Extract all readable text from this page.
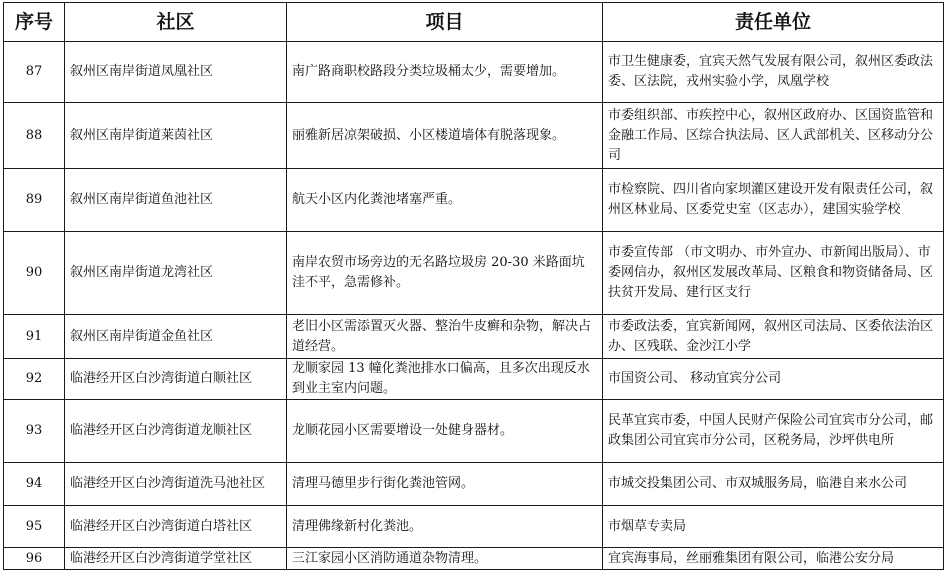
序号	社区	项目	责任单位
87	叙州区南岸街道凤凰社区	南广路商职校路段分类垃圾桶太少，需要增加。	市卫生健康委，宜宾天然气发展有限公司，叙州区委政法委、区法院，戎州实验小学，凤凰学校
88	叙州区南岸街道莱茵社区	丽雅新居凉架破损、小区楼道墙体有脱落现象。	市委组织部、市疾控中心，叙州区政府办、区国资监管和金融工作局、区综合执法局、区人武部机关、区移动分公司
89	叙州区南岸街道鱼池社区	航天小区内化粪池堵塞严重。	市检察院、四川省向家坝灌区建设开发有限责任公司，叙州区林业局、区委党史室（区志办），建国实验学校
90	叙州区南岸街道龙湾社区	南岸农贸市场旁边的无名路垃圾房 20-30 米路面坑洼不平，急需修补。	市委宣传部 （市文明办、市外宣办、市新闻出版局）、市委网信办，叙州区发展改革局、区粮食和物资储备局、区扶贫开发局、建行区支行
91	叙州区南岸街道金鱼社区	老旧小区需添置灭火器、整治牛皮癣和杂物，解决占道经营。	市委政法委，宜宾新闻网，叙州区司法局、区委依法治区办、区残联、金沙江小学
92	临港经开区白沙湾街道白顺社区	龙顺家园 13 幢化粪池排水口偏高，且多次出现反水到业主室内问题。	市国资公司、 移动宜宾分公司
93	临港经开区白沙湾街道龙顺社区	龙顺花园小区需要增设一处健身器材。	民革宜宾市委，中国人民财产保险公司宜宾市分公司，邮政集团公司宜宾市分公司，区税务局，沙坪供电所
94	临港经开区白沙湾街道洗马池社区	清理马德里步行街化粪池管网。	市城交投集团公司、市双城服务局，临港自来水公司
95	临港经开区白沙湾街道白塔社区	清理佛缘新村化粪池。	市烟草专卖局
96	临港经开区白沙湾街道学堂社区	三江家园小区消防通道杂物清理。	宜宾海事局，丝丽雅集团有限公司，临港公安分局
